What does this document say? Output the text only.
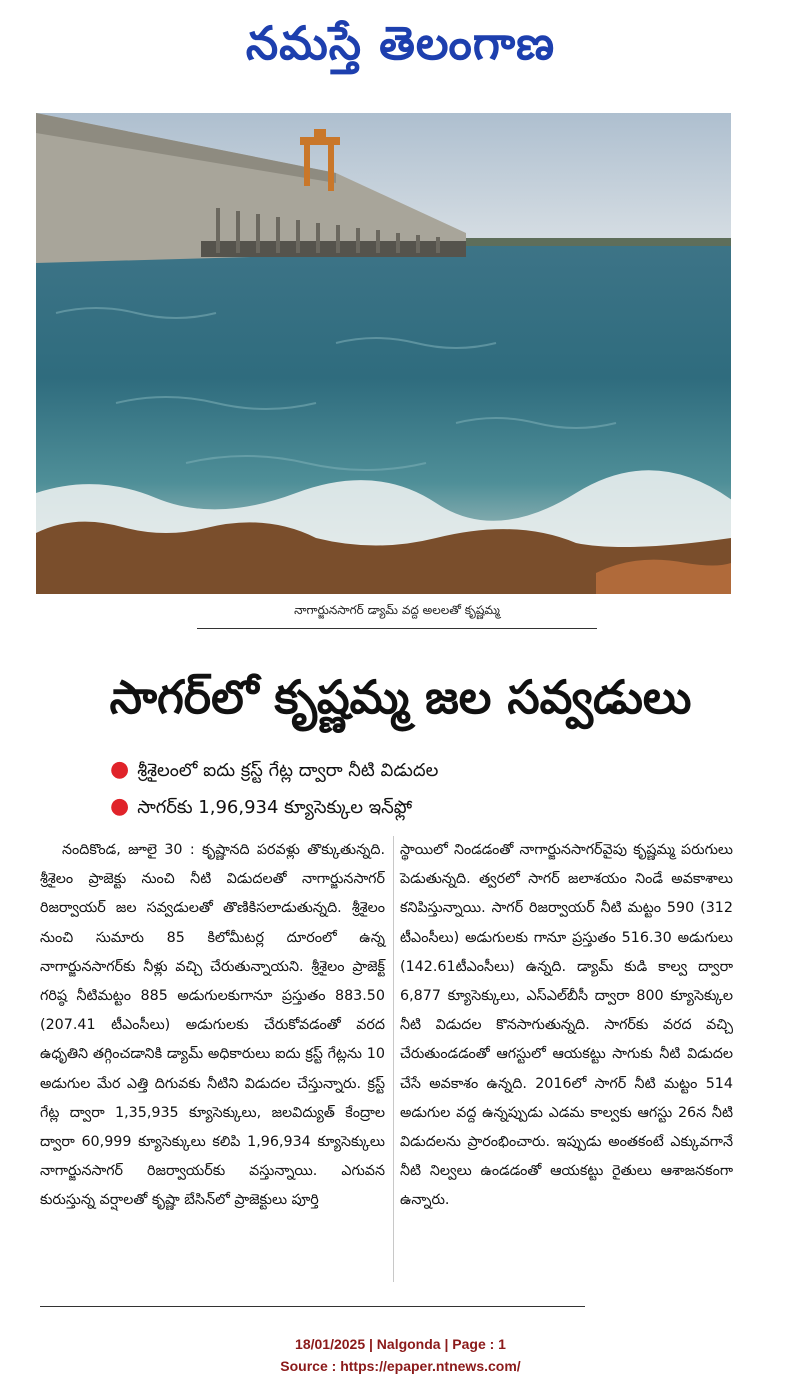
నమస్తే తెలంగాణ
నాగార్జునసాగర్ డ్యామ్ వద్ద అలలతో కృష్ణమ్మ
సాగర్‌లో కృష్ణమ్మ జల సవ్వడులు
● శ్రీశైలంలో ఐదు క్రస్ట్ గేట్ల ద్వారా నీటి విడుదల
● సాగర్‌కు 1,96,934 క్యూసెక్కుల ఇన్‌ఫ్లో
నందికొండ, జూలై 30 : కృష్ణానది పరవళ్లు తొక్కుతున్నది. శ్రీశైలం ప్రాజెక్టు నుంచి నీటి విడుదలతో నాగార్జునసాగర్ రిజర్వాయర్ జల సవ్వడులతో తొణికిసలాడుతున్నది. శ్రీశైలం నుంచి సుమారు 85 కిలోమీటర్ల దూరంలో ఉన్న నాగార్జునసాగర్‌కు నీళ్లు వచ్చి చేరుతున్నాయని. శ్రీశైలం ప్రాజెక్ట్ గరిష్ఠ నీటిమట్టం 885 అడుగులకుగానూ ప్రస్తుతం 883.50 (207.41 టీఎంసీలు) అడుగులకు చేరుకోవడంతో వరద ఉధృతిని తగ్గించడానికి డ్యామ్ అధికారులు ఐదు క్రస్ట్ గేట్లను 10 అడుగుల మేర ఎత్తి దిగువకు నీటిని విడుదల చేస్తున్నారు. క్రస్ట్ గేట్ల ద్వారా 1,35,935 క్యూసెక్కులు, జలవిద్యుత్ కేంద్రాల ద్వారా 60,999 క్యూసెక్కులు కలిపి 1,96,934 క్యూసెక్కులు నాగార్జునసాగర్ రిజర్వాయర్‌కు వస్తున్నాయి. ఎగువన కురుస్తున్న వర్షాలతో కృష్ణా బేసిన్‌లో ప్రాజెక్టులు పూర్తి
స్థాయిలో నిండడంతో నాగార్జునసాగర్‌వైపు కృష్ణమ్మ పరుగులు పెడుతున్నది. త్వరలో సాగర్ జలాశయం నిండే అవకాశాలు కనిపిస్తున్నాయి. సాగర్ రిజర్వాయర్ నీటి మట్టం 590 (312 టీఎంసీలు) అడుగులకు గానూ ప్రస్తుతం 516.30 అడుగులు (142.61టీఎంసీలు) ఉన్నది. డ్యామ్ కుడి కాల్వ ద్వారా 6,877 క్యూసెక్కులు, ఎస్‌ఎల్‌బీసీ ద్వారా 800 క్యూసెక్కుల నీటి విడుదల కొనసాగుతున్నది. సాగర్‌కు వరద వచ్చి చేరుతుండడంతో ఆగస్టులో ఆయకట్టు సాగుకు నీటి విడుదల చేసే అవకాశం ఉన్నది. 2016లో సాగర్ నీటి మట్టం 514 అడుగుల వద్ద ఉన్నప్పుడు ఎడమ కాల్వకు ఆగస్టు 26న నీటి విడుదలను ప్రారంభించారు. ఇప్పుడు అంతకంటే ఎక్కువగానే నీటి నిల్వలు ఉండడంతో ఆయకట్టు రైతులు ఆశాజనకంగా ఉన్నారు.
18/01/2025 | Nalgonda | Page : 1
Source : https://epaper.ntnews.com/
